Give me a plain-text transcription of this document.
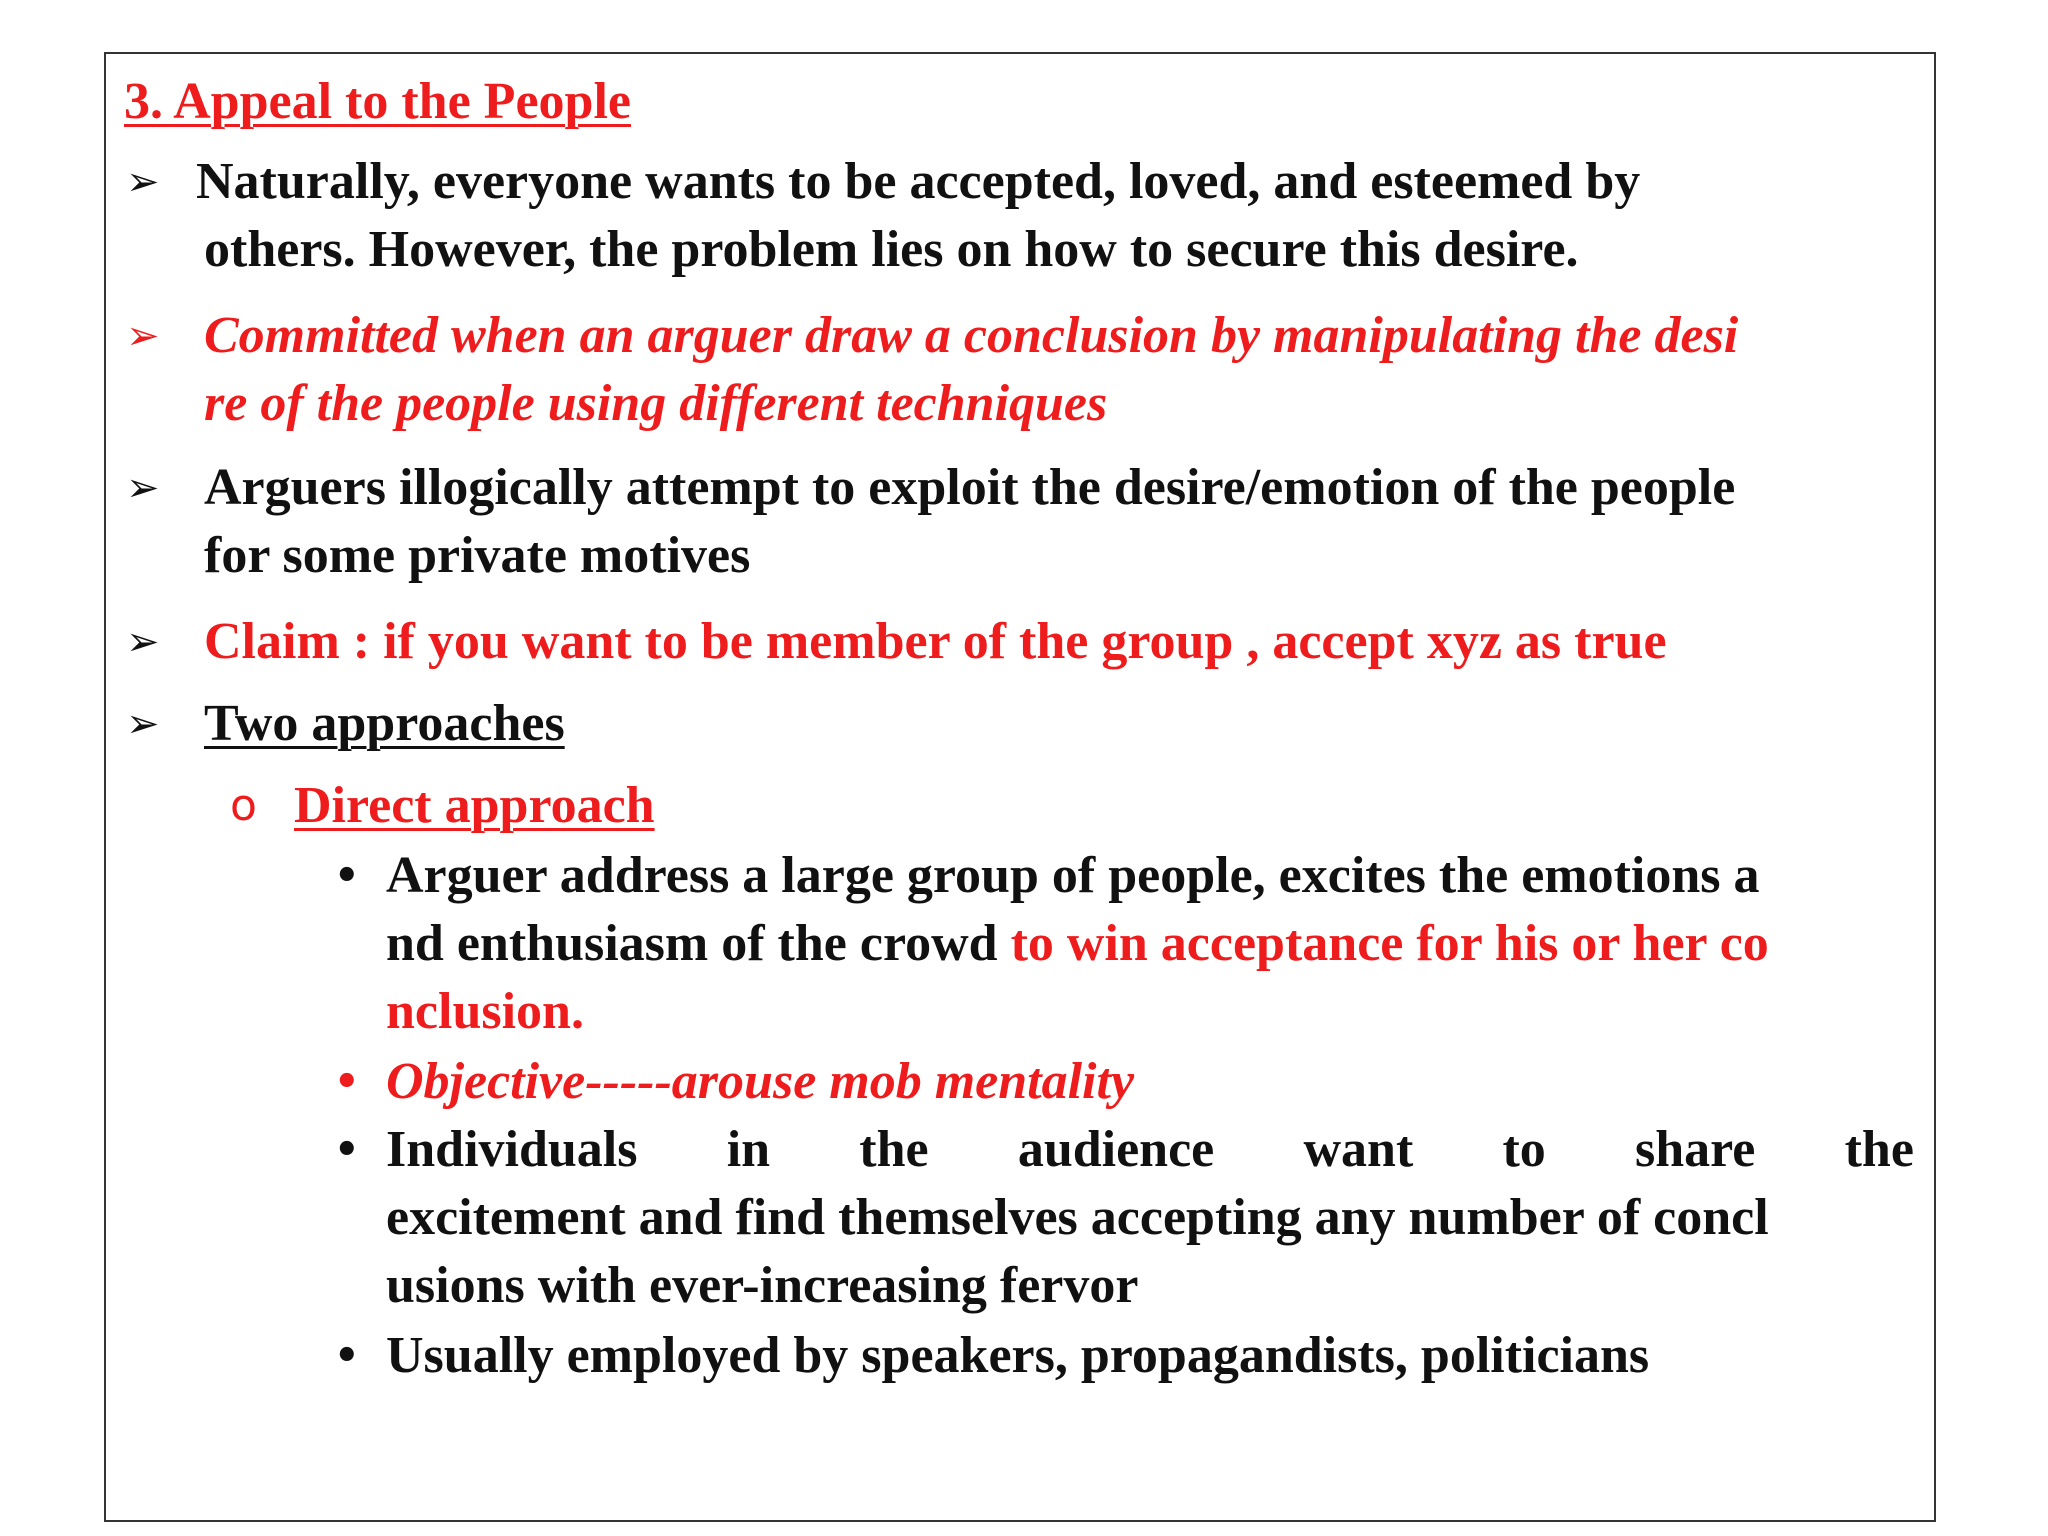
3. Appeal to the People
➢ Naturally, everyone wants to be accepted, loved, and esteemed by
others. However, the problem lies on how to secure this desire.
➢ Committed when an arguer draw a conclusion by manipulating the desi
re of the people using different techniques
➢ Arguers illogically attempt to exploit the desire/emotion of the people
for some private motives
➢ Claim : if you want to be member of the group , accept xyz as true
➢ Two approaches
o Direct approach
• Arguer address a large group of people, excites the emotions a
nd enthusiasm of the crowd to win acceptance for his or her co
nclusion.
• Objective-----arouse mob mentality
• Individuals in the audience want to share the
excitement and find themselves accepting any number of concl
usions with ever-increasing fervor
• Usually employed by speakers, propagandists, politicians
